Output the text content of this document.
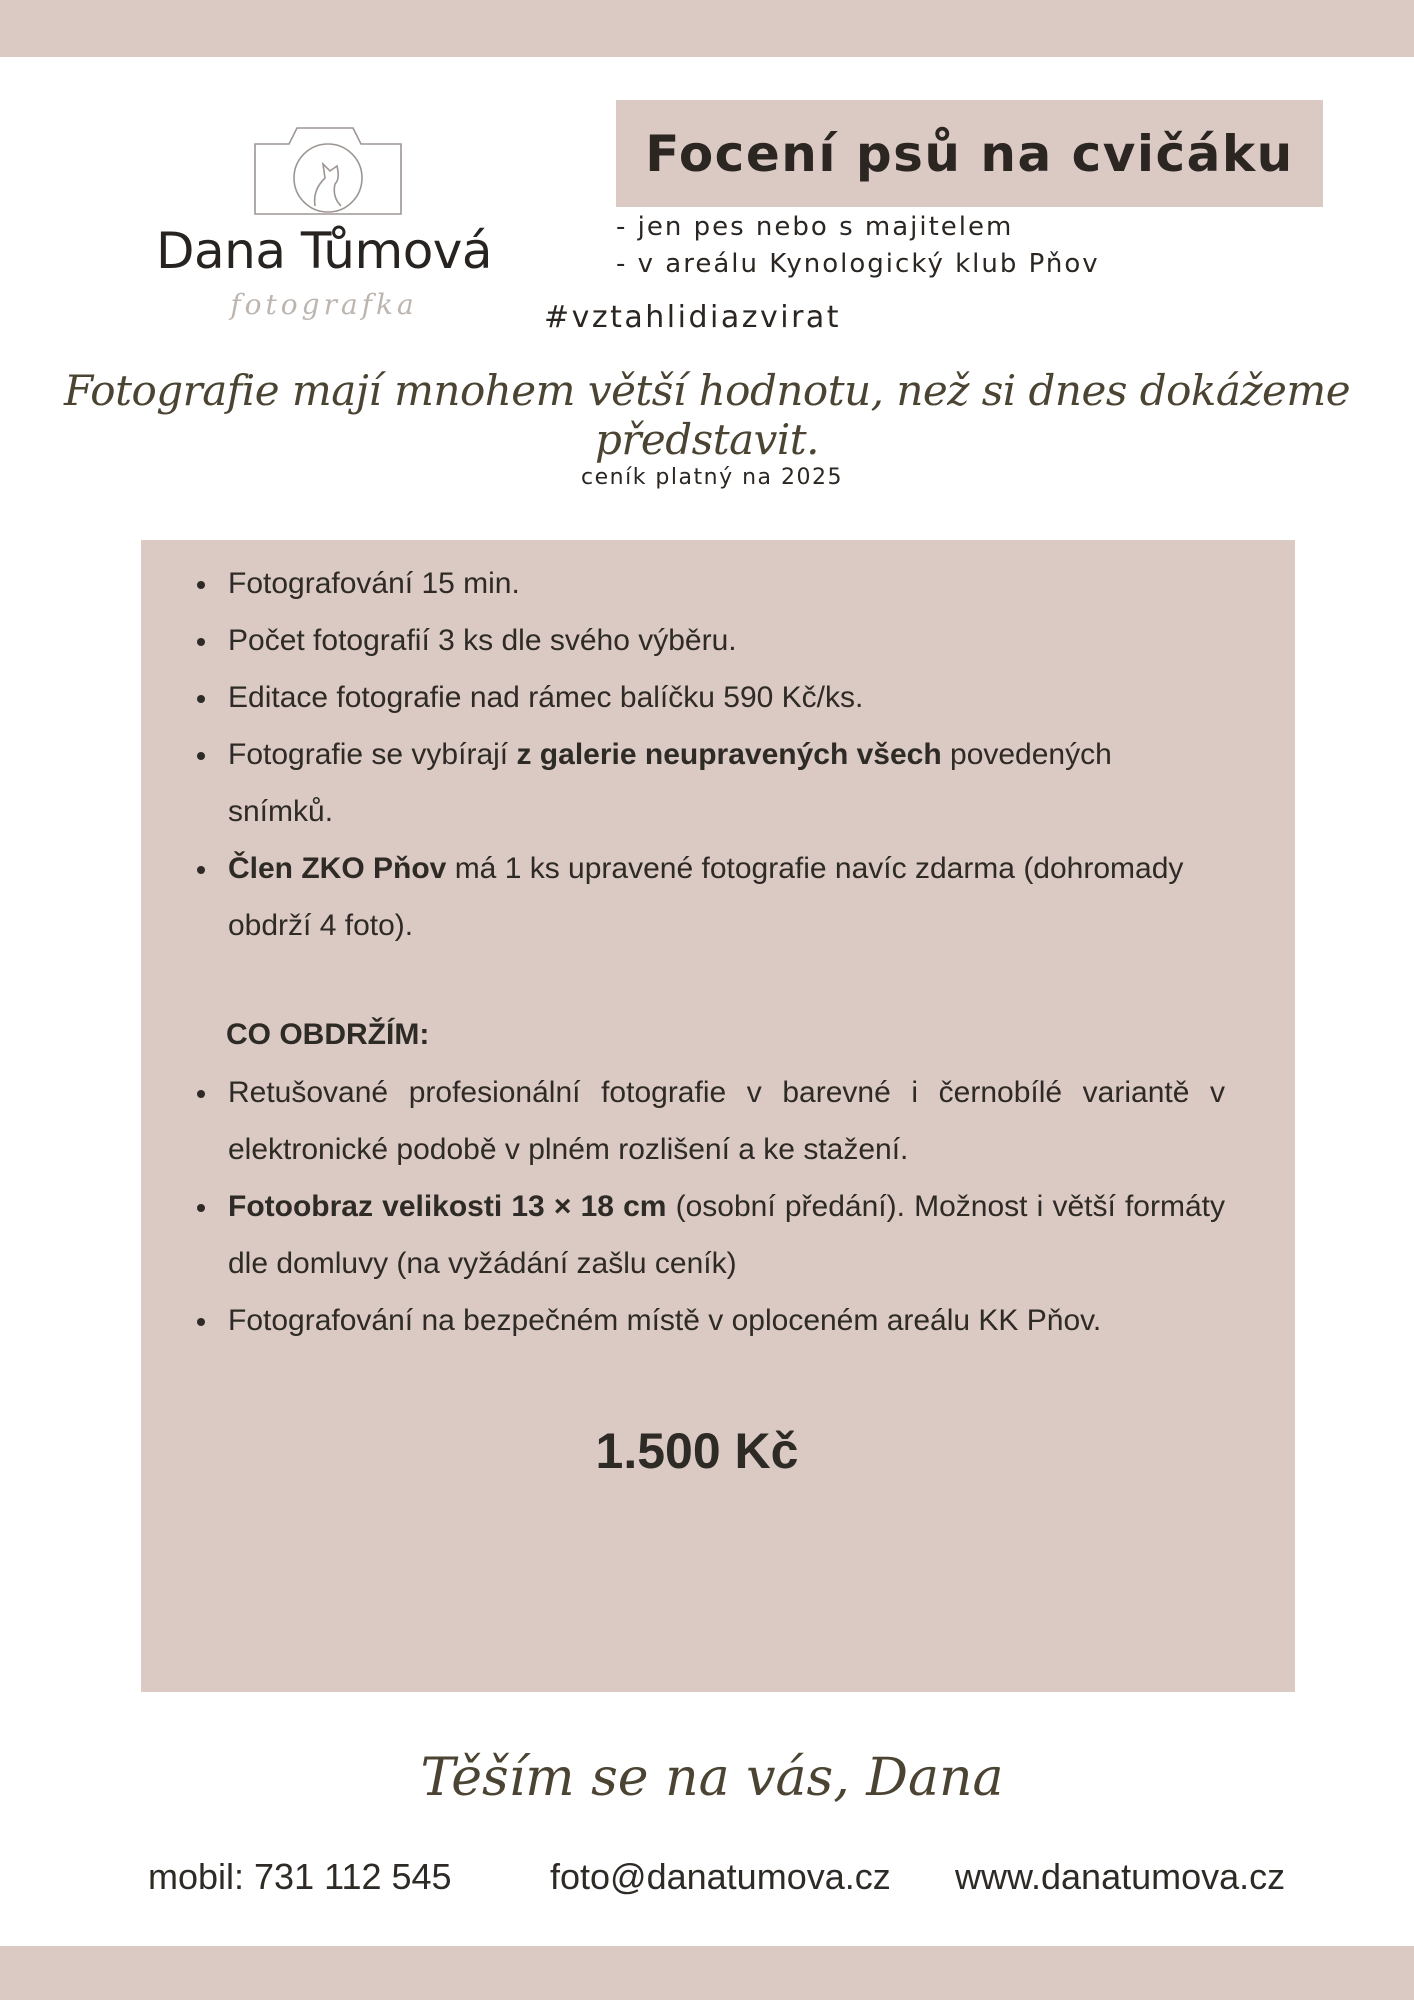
Dana Tůmová
fotografka
Focení psů na cvičáku
- jen pes nebo s majitelem
- v areálu Kynologický klub Pňov
#vztahlidiazvirat
Fotografie mají mnohem větší hodnotu, než si dnes dokážeme představit.
ceník platný na 2025
Fotografování 15 min.
Počet fotografií 3 ks dle svého výběru.
Editace fotografie nad rámec balíčku 590 Kč/ks.
Fotografie se vybírají z galerie neupravených všech povedených snímků.
Člen ZKO Pňov má 1 ks upravené fotografie navíc zdarma (dohromady obdrží 4 foto).
CO OBDRŽÍM:
Retušované profesionální fotografie v barevné i černobílé variantě v elektronické podobě v plném rozlišení a ke stažení.
Fotoobraz velikosti 13 × 18 cm (osobní předání). Možnost i větší formáty dle domluvy (na vyžádání zašlu ceník)
Fotografování na bezpečném místě v oploceném areálu KK Pňov.
1.500 Kč
Těším se na vás, Dana
mobil: 731 112 545	foto@danatumova.cz www.danatumova.cz
